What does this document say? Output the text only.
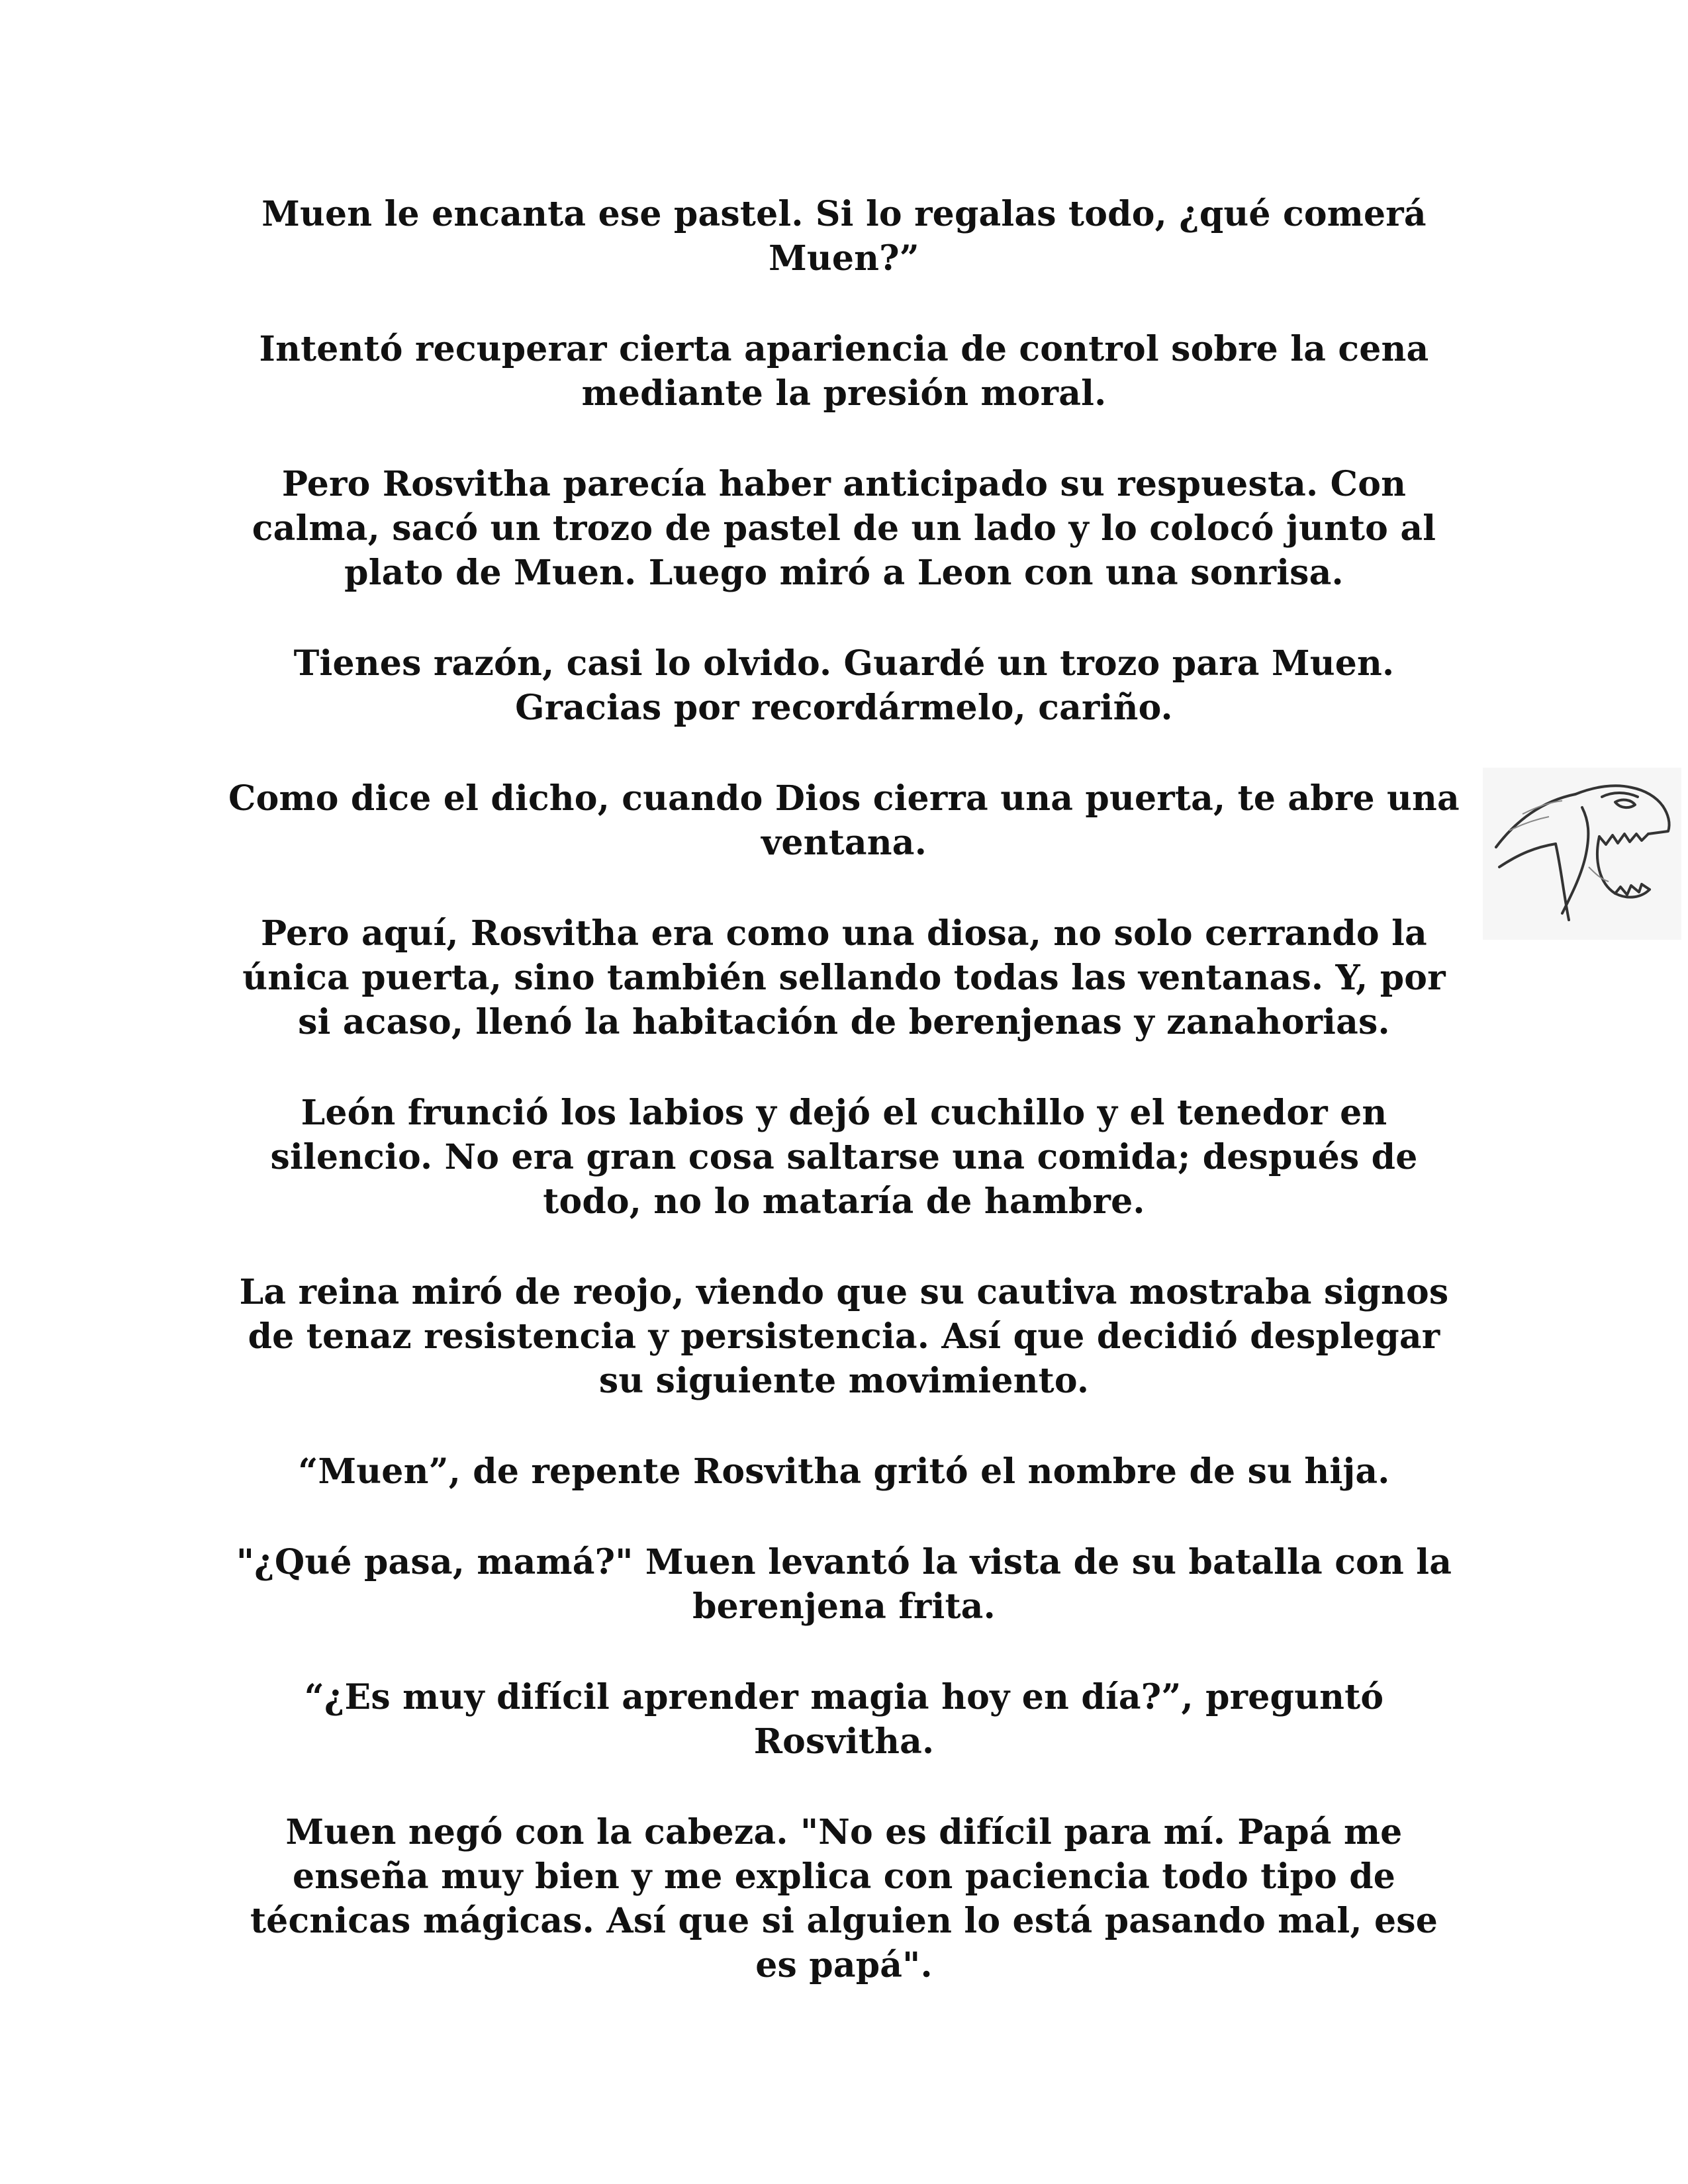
Muen le encanta ese pastel. Si lo regalas todo, ¿qué comerá Muen?”

Intentó recuperar cierta apariencia de control sobre la cena mediante la presión moral.

Pero Rosvitha parecía haber anticipado su respuesta. Con calma, sacó un trozo de pastel de un lado y lo colocó junto al plato de Muen. Luego miró a Leon con una sonrisa.

Tienes razón, casi lo olvido. Guardé un trozo para Muen. Gracias por recordármelo, cariño.

Como dice el dicho, cuando Dios cierra una puerta, te abre una ventana.

Pero aquí, Rosvitha era como una diosa, no solo cerrando la única puerta, sino también sellando todas las ventanas. Y, por si acaso, llenó la habitación de berenjenas y zanahorias.

León frunció los labios y dejó el cuchillo y el tenedor en silencio. No era gran cosa saltarse una comida; después de todo, no lo mataría de hambre.

La reina miró de reojo, viendo que su cautiva mostraba signos de tenaz resistencia y persistencia. Así que decidió desplegar su siguiente movimiento.

“Muen”, de repente Rosvitha gritó el nombre de su hija.

"¿Qué pasa, mamá?" Muen levantó la vista de su batalla con la berenjena frita.

“¿Es muy difícil aprender magia hoy en día?”, preguntó Rosvitha.

Muen negó con la cabeza. "No es difícil para mí. Papá me enseña muy bien y me explica con paciencia todo tipo de técnicas mágicas. Así que si alguien lo está pasando mal, ese es papá".
